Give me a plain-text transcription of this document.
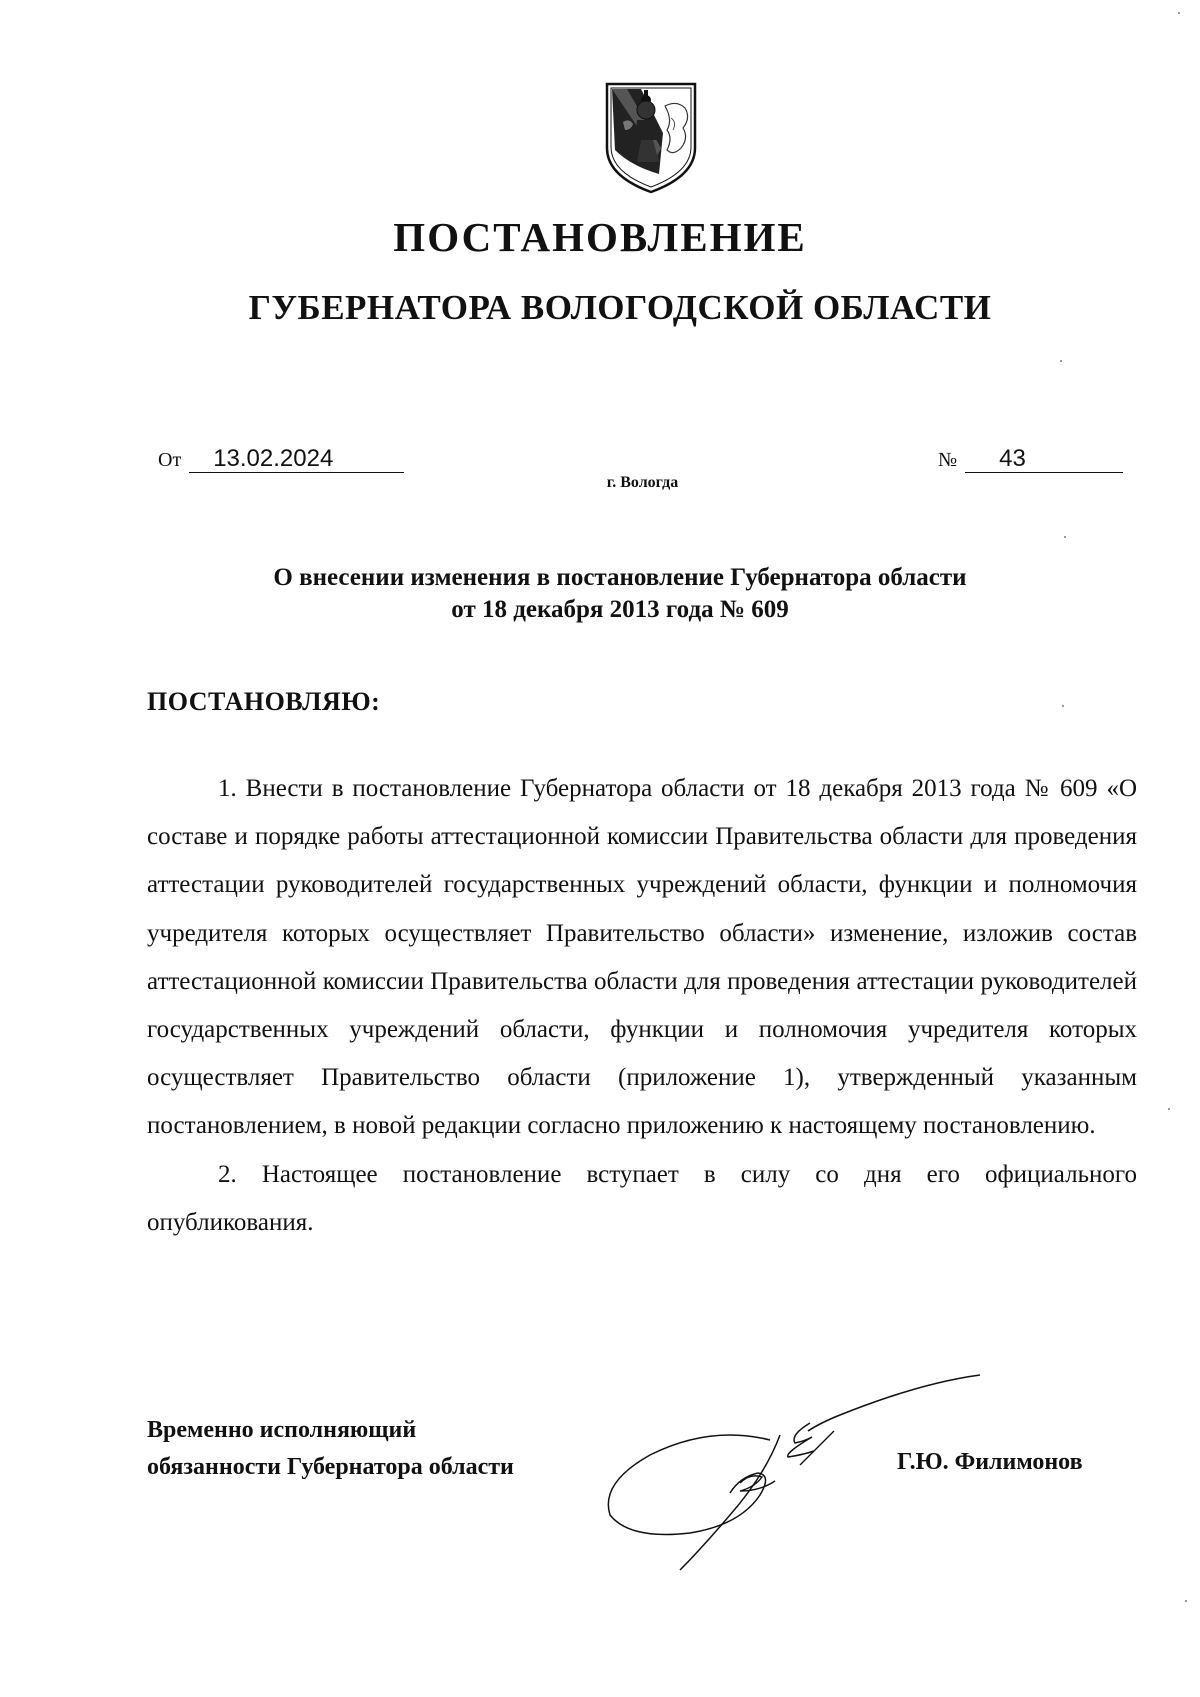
ПОСТАНОВЛЕНИЕ
ГУБЕРНАТОРА ВОЛОГОДСКОЙ ОБЛАСТИ
От 13.02.2024
г. Вологда
№ 43
О внесении изменения в постановление Губернатора области
от 18 декабря 2013 года № 609
ПОСТАНОВЛЯЮ:

1. Внести в постановление Губернатора области от 18 декабря 2013 года № 609 «О составе и порядке работы аттестационной комиссии Правительства области для проведения аттестации руководителей государственных учреждений области, функции и полномочия учредителя которых осуществляет Правительство области» изменение, изложив состав аттестационной комиссии Правительства области для проведения аттестации руководителей государственных учреждений области, функции и полномочия учредителя которых осуществляет Правительство области (приложение 1), утвержденный указанным постановлением, в новой редакции согласно приложению к настоящему постановлению.

2. Настоящее постановление вступает в силу со дня его официального опубликования.

Временно исполняющий
обязанности Губернатора области	Г.Ю. Филимонов
